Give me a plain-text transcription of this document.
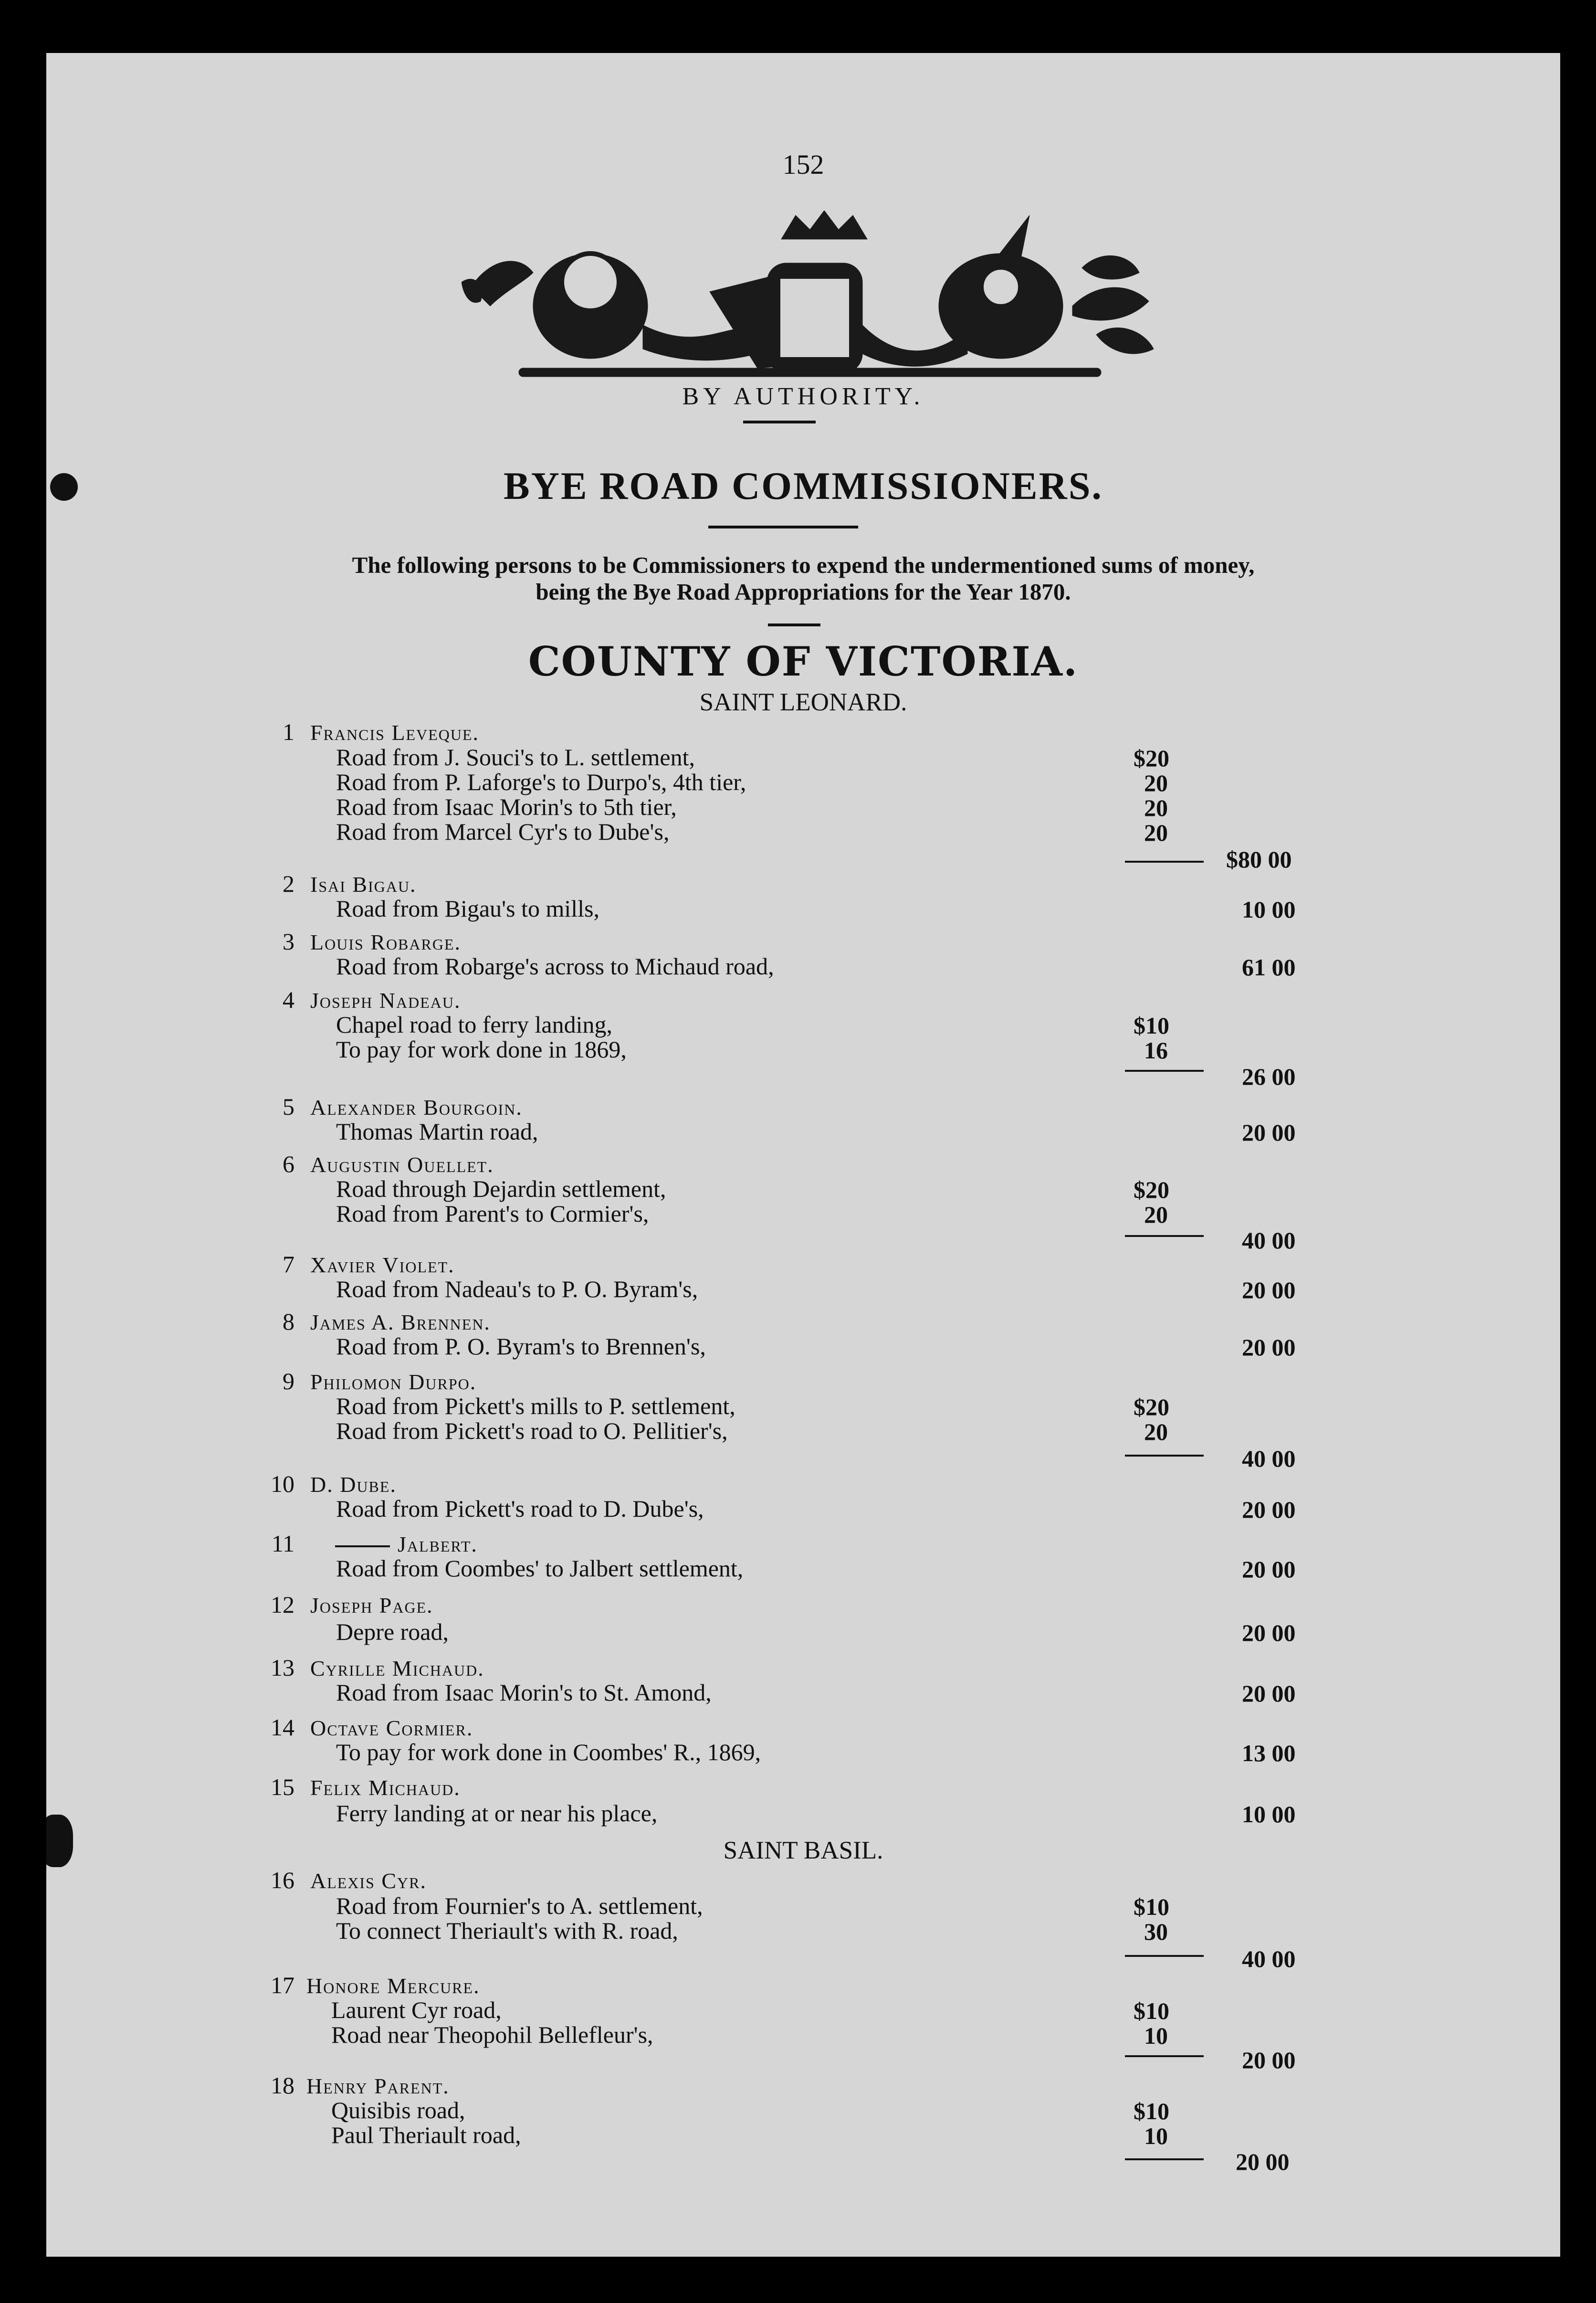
152
BY AUTHORITY.
BYE ROAD COMMISSIONERS.
The following persons to be Commissioners to expend the undermentioned sums of money,
being the Bye Road Appropriations for the Year 1870.
COUNTY OF VICTORIA.
SAINT LEONARD.
1 Francis Leveque.
Road from J. Souci's to L. settlement,	$20
Road from P. Laforge's to Durpo's, 4th tier,	20
Road from Isaac Morin's to 5th tier,	20
Road from Marcel Cyr's to Dube's,	20
$80 00
2 Isai Bigau.
Road from Bigau's to mills,	10 00
3 Louis Robarge.
Road from Robarge's across to Michaud road,	61 00
4 Joseph Nadeau.
Chapel road to ferry landing,	$10
To pay for work done in 1869,	16
26 00
5 Alexander Bourgoin.
Thomas Martin road,	20 00
6 Augustin Ouellet.
Road through Dejardin settlement,	$20
Road from Parent's to Cormier's,	20
40 00
7 Xavier Violet.
Road from Nadeau's to P. O. Byram's,	20 00
8 James A. Brennen.
Road from P. O. Byram's to Brennen's,	20 00
9 Philomon Durpo.
Road from Pickett's mills to P. settlement,	$20
Road from Pickett's road to O. Pellitier's,	20
40 00
10 D. Dube.
Road from Pickett's road to D. Dube's,	20 00
11	Jalbert.
Road from Coombes' to Jalbert settlement,	20 00
12 Joseph Page.
Depre road,	20 00
13 Cyrille Michaud.
Road from Isaac Morin's to St. Amond,	20 00
14 Octave Cormier.
To pay for work done in Coombes' R., 1869,	13 00
15 Felix Michaud.
Ferry landing at or near his place,	10 00
SAINT BASIL.
16 Alexis Cyr.
Road from Fournier's to A. settlement,	$10
To connect Theriault's with R. road,	30
40 00
17 Honore Mercure.
Laurent Cyr road,	$10
Road near Theopohil Bellefleur's,	10
20 00
18 Henry Parent.
Quisibis road,	$10
Paul Theriault road,	10
20 00
